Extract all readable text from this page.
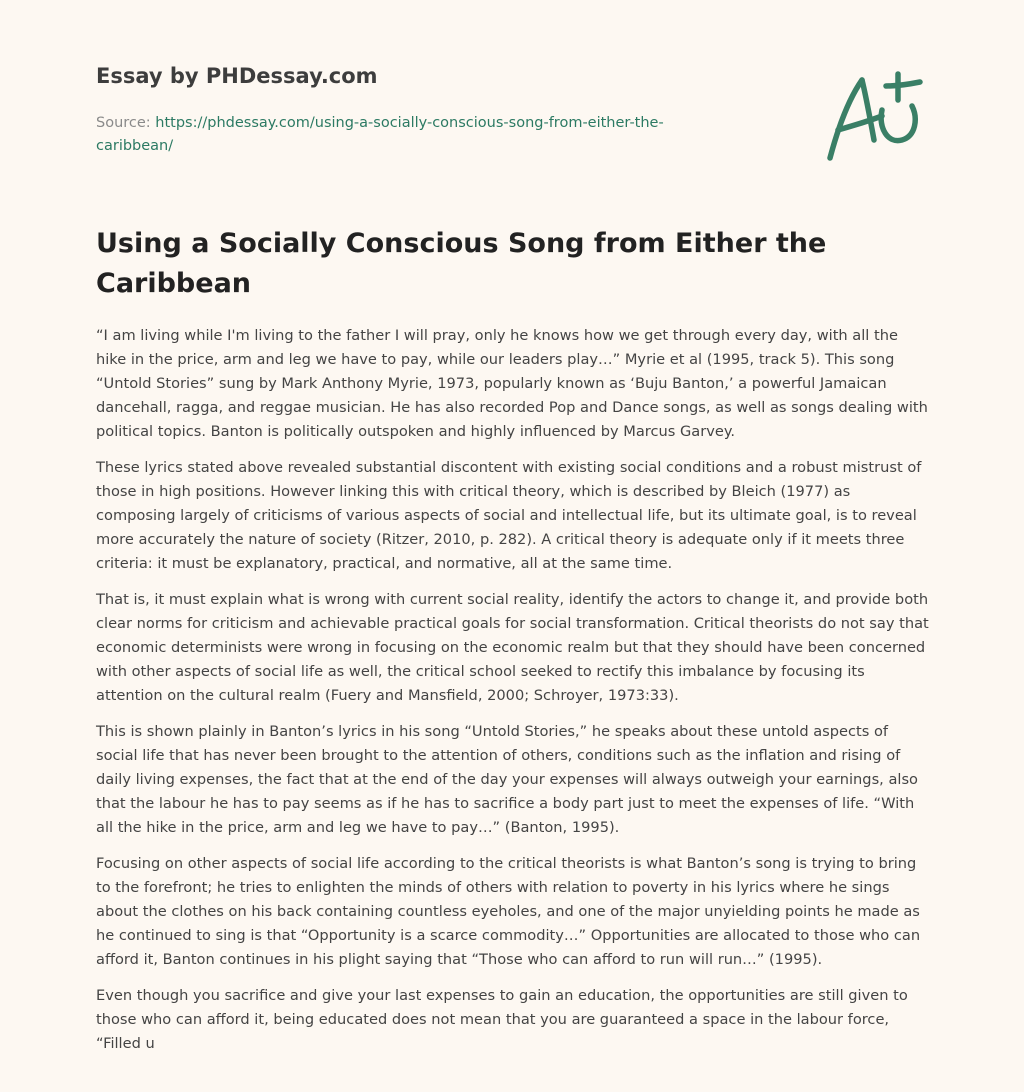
Essay by PHDessay.com
Source: https://phdessay.com/using-a-socially-conscious-song-from-either-the-
caribbean/
Using a Socially Conscious Song from Either the Caribbean

“I am living while I'm living to the father I will pray, only he knows how we get through every day, with all the hike in the price, arm and leg we have to pay, while our leaders play…” Myrie et al (1995, track 5). This song “Untold Stories” sung by Mark Anthony Myrie, 1973, popularly known as ‘Buju Banton,’ a powerful Jamaican dancehall, ragga, and reggae musician. He has also recorded Pop and Dance songs, as well as songs dealing with political topics. Banton is politically outspoken and highly influenced by Marcus Garvey.

These lyrics stated above revealed substantial discontent with existing social conditions and a robust mistrust of those in high positions. However linking this with critical theory, which is described by Bleich (1977) as composing largely of criticisms of various aspects of social and intellectual life, but its ultimate goal, is to reveal more accurately the nature of society (Ritzer, 2010, p. 282). A critical theory is adequate only if it meets three criteria: it must be explanatory, practical, and normative, all at the same time.

That is, it must explain what is wrong with current social reality, identify the actors to change it, and provide both clear norms for criticism and achievable practical goals for social transformation. Critical theorists do not say that economic determinists were wrong in focusing on the economic realm but that they should have been concerned with other aspects of social life as well, the critical school seeked to rectify this imbalance by focusing its attention on the cultural realm (Fuery and Mansfield, 2000; Schroyer, 1973:33).

This is shown plainly in Banton’s lyrics in his song “Untold Stories,” he speaks about these untold aspects of social life that has never been brought to the attention of others, conditions such as the inflation and rising of daily living expenses, the fact that at the end of the day your expenses will always outweigh your earnings, also that the labour he has to pay seems as if he has to sacrifice a body part just to meet the expenses of life. “With all the hike in the price, arm and leg we have to pay…” (Banton, 1995).

Focusing on other aspects of social life according to the critical theorists is what Banton’s song is trying to bring to the forefront; he tries to enlighten the minds of others with relation to poverty in his lyrics where he sings about the clothes on his back containing countless eyeholes, and one of the major unyielding points he made as he continued to sing is that “Opportunity is a scarce commodity…” Opportunities are allocated to those who can afford it, Banton continues in his plight saying that “Those who can afford to run will run…” (1995).

Even though you sacrifice and give your last expenses to gain an education, the opportunities are still given to those who can afford it, being educated does not mean that you are guaranteed a space in the labour force, “Filled u
